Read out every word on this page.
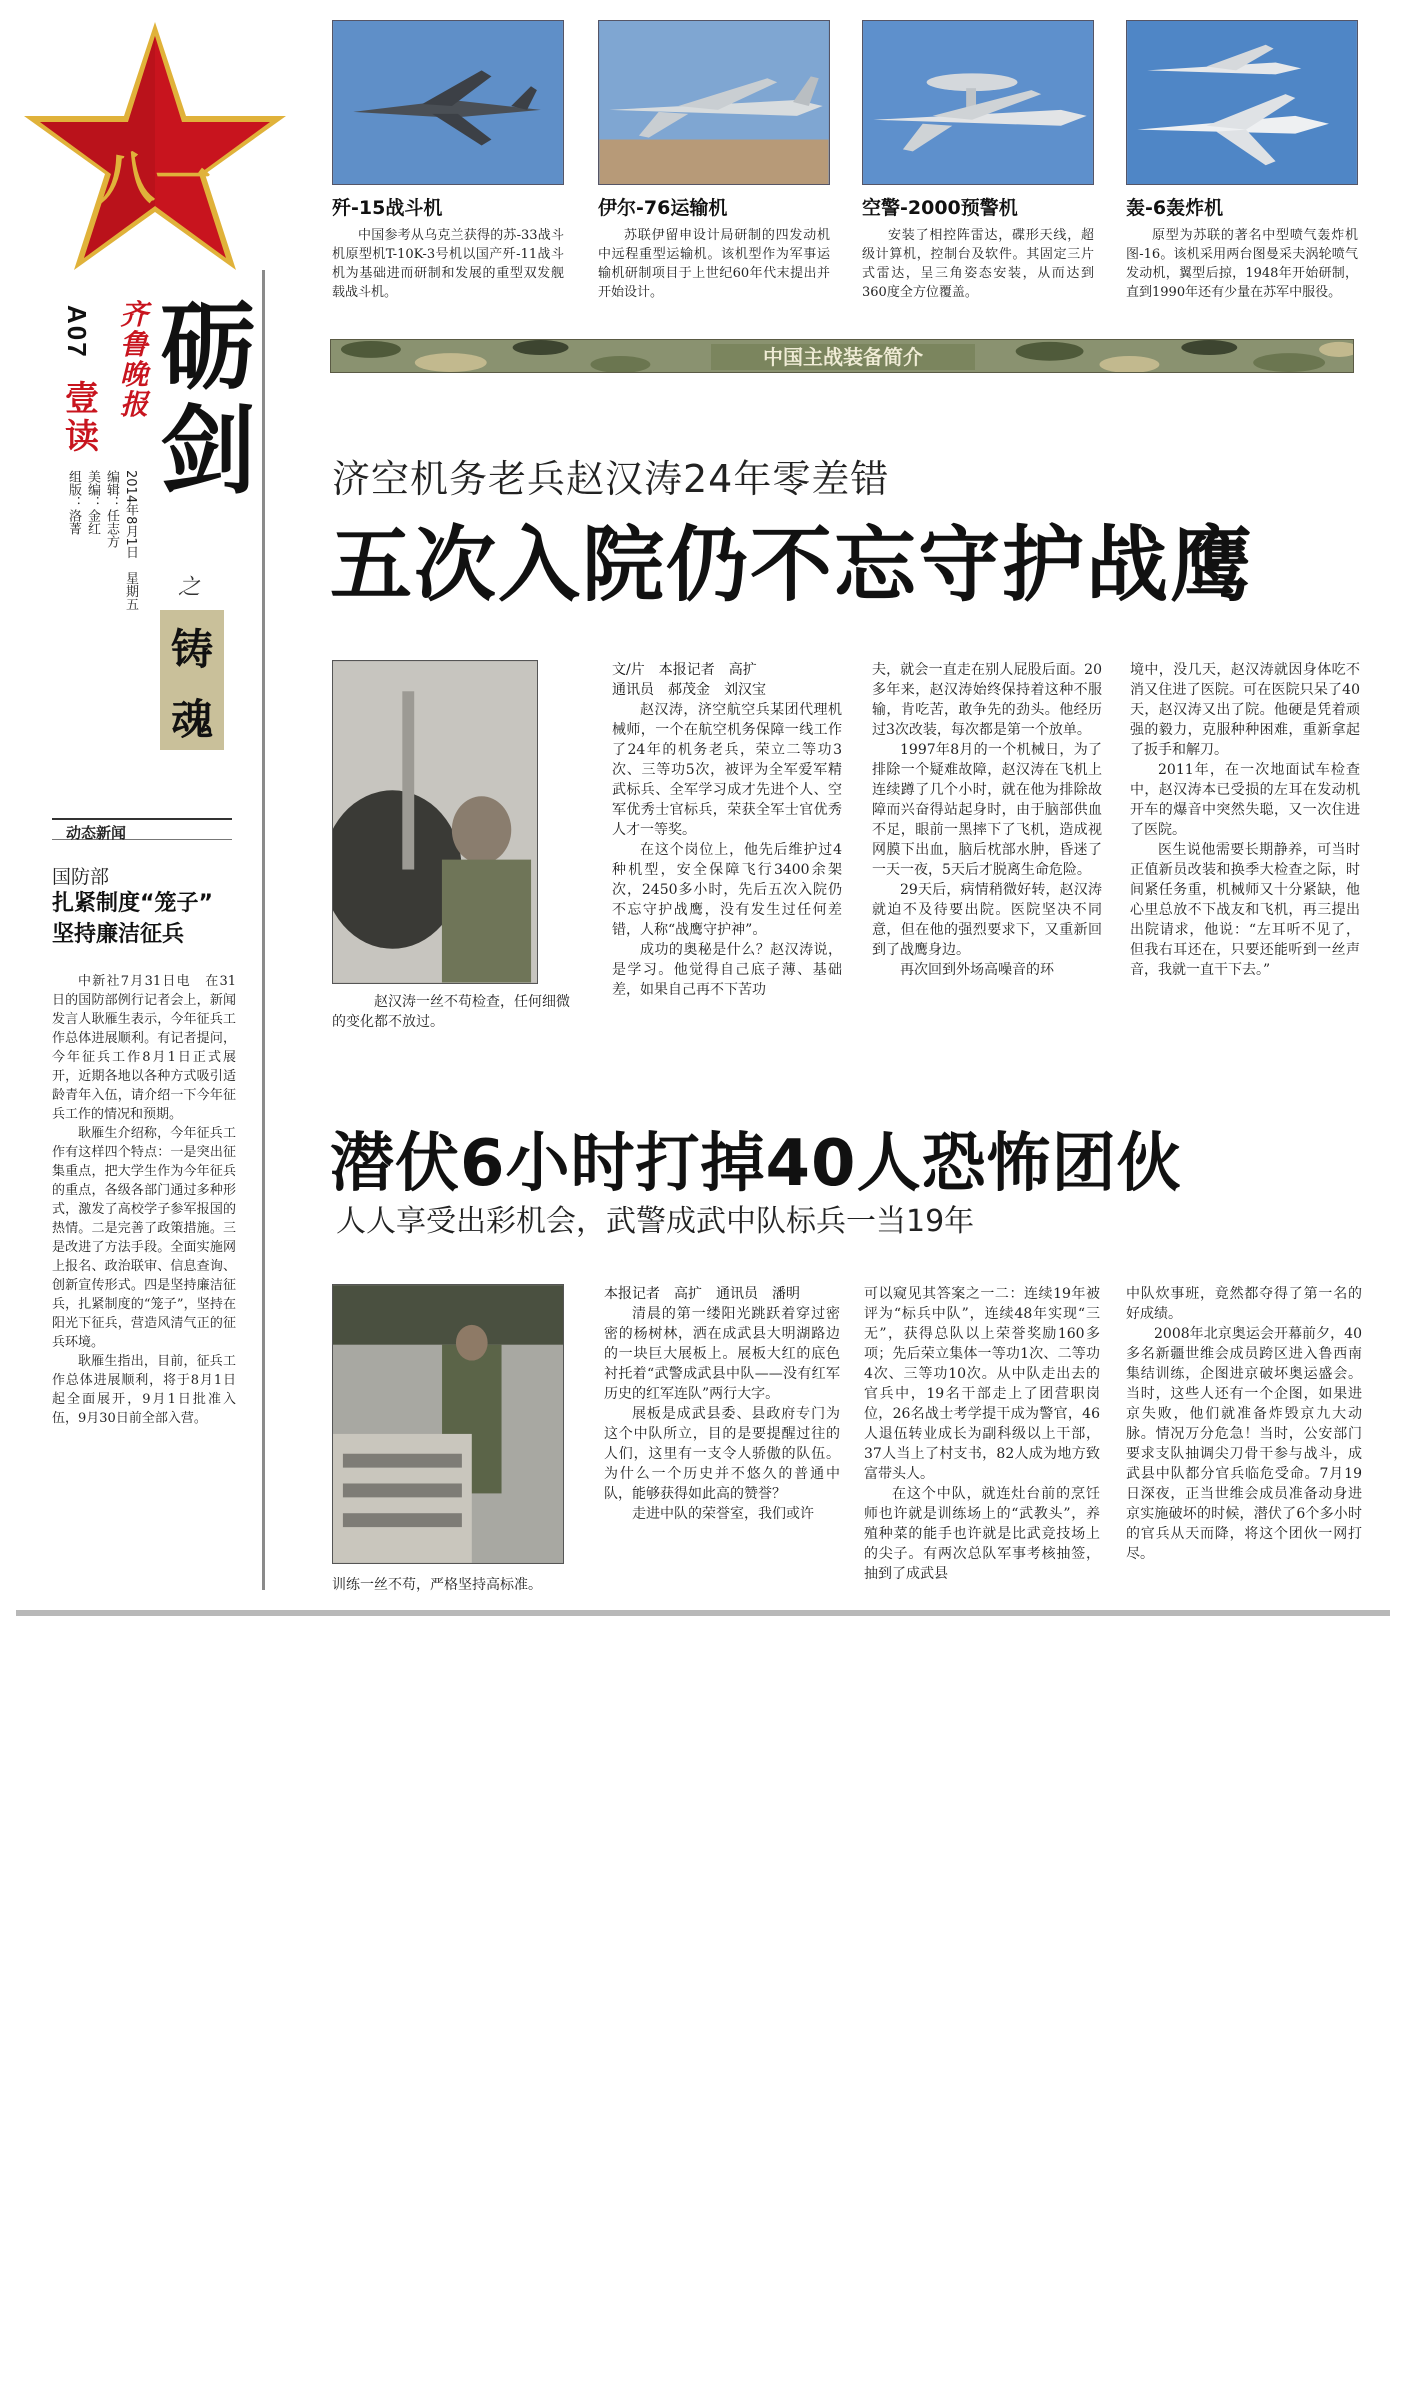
八一
A07
壹读
齐鲁晚报
砺
剑
之
铸
魂
2014年8月1日　星期五
编辑：任志方
美编：金红
组版：洛菁
动态新闻
国防部
扎紧制度“笼子”
坚持廉洁征兵

中新社7月31日电　在31日的国防部例行记者会上，新闻发言人耿雁生表示，今年征兵工作总体进展顺利。有记者提问，今年征兵工作8月1日正式展开，近期各地以各种方式吸引适龄青年入伍，请介绍一下今年征兵工作的情况和预期。

耿雁生介绍称，今年征兵工作有这样四个特点：一是突出征集重点，把大学生作为今年征兵的重点，各级各部门通过多种形式，激发了高校学子参军报国的热情。二是完善了政策措施。三是改进了方法手段。全面实施网上报名、政治联审、信息查询、创新宣传形式。四是坚持廉洁征兵，扎紧制度的“笼子”，坚持在阳光下征兵，营造风清气正的征兵环境。

耿雁生指出，目前，征兵工作总体进展顺利，将于8月1日起全面展开，9月1日批准入伍，9月30日前全部入营。

歼-15战斗机
中国参考从乌克兰获得的苏-33战斗机原型机T-10K-3号机以国产歼-11战斗机为基础进而研制和发展的重型双发舰载战斗机。
伊尔-76运输机
苏联伊留申设计局研制的四发动机中远程重型运输机。该机型作为军事运输机研制项目于上世纪60年代末提出并开始设计。
空警-2000预警机
安装了相控阵雷达，碟形天线，超级计算机，控制台及软件。其固定三片式雷达，呈三角姿态安装，从而达到360度全方位覆盖。
轰-6轰炸机
原型为苏联的著名中型喷气轰炸机图-16。该机采用两台图曼采夫涡轮喷气发动机，翼型后掠，1948年开始研制，直到1990年还有少量在苏军中服役。
中国主战装备简介
济空机务老兵赵汉涛24年零差错
五次入院仍不忘守护战鹰
赵汉涛一丝不苟检查，任何细微的变化都不放过。
文/片　本报记者　高扩
通讯员　郝茂金　刘汉宝

赵汉涛，济空航空兵某团代理机械师，一个在航空机务保障一线工作了24年的机务老兵，荣立二等功3次、三等功5次，被评为全军爱军精武标兵、全军学习成才先进个人、空军优秀士官标兵，荣获全军士官优秀人才一等奖。

在这个岗位上，他先后维护过4种机型，安全保障飞行3400余架次，2450多小时，先后五次入院仍不忘守护战鹰，没有发生过任何差错，人称“战鹰守护神”。

成功的奥秘是什么？赵汉涛说，是学习。他觉得自己底子薄、基础差，如果自己再不下苦功

夫，就会一直走在别人屁股后面。20多年来，赵汉涛始终保持着这种不服输，肯吃苦，敢争先的劲头。他经历过3次改装，每次都是第一个放单。

1997年8月的一个机械日，为了排除一个疑难故障，赵汉涛在飞机上连续蹲了几个小时，就在他为排除故障而兴奋得站起身时，由于脑部供血不足，眼前一黑摔下了飞机，造成视网膜下出血，脑后枕部水肿，昏迷了一天一夜，5天后才脱离生命危险。

29天后，病情稍微好转，赵汉涛就迫不及待要出院。医院坚决不同意，但在他的强烈要求下，又重新回到了战鹰身边。

再次回到外场高噪音的环

境中，没几天，赵汉涛就因身体吃不消又住进了医院。可在医院只呆了40天，赵汉涛又出了院。他硬是凭着顽强的毅力，克服种种困难，重新拿起了扳手和解刀。

2011年，在一次地面试车检查中，赵汉涛本已受损的左耳在发动机开车的爆音中突然失聪，又一次住进了医院。

医生说他需要长期静养，可当时正值新员改装和换季大检查之际，时间紧任务重，机械师又十分紧缺，他心里总放不下战友和飞机，再三提出出院请求，他说：“左耳听不见了，但我右耳还在，只要还能听到一丝声音，我就一直干下去。”

潜伏6小时打掉40人恐怖团伙
人人享受出彩机会，武警成武中队标兵一当19年
训练一丝不苟，严格坚持高标准。
本报记者　高扩　通讯员　潘明

清晨的第一缕阳光跳跃着穿过密密的杨树林，洒在成武县大明湖路边的一块巨大展板上。展板大红的底色衬托着“武警成武县中队——没有红军历史的红军连队”两行大字。

展板是成武县委、县政府专门为这个中队所立，目的是要提醒过往的人们，这里有一支令人骄傲的队伍。为什么一个历史并不悠久的普通中队，能够获得如此高的赞誉？

走进中队的荣誉室，我们或许

可以窥见其答案之一二：连续19年被评为“标兵中队”，连续48年实现“三无”，获得总队以上荣誉奖励160多项；先后荣立集体一等功1次、二等功4次、三等功10次。从中队走出去的官兵中，19名干部走上了团营职岗位，26名战士考学提干成为警官，46人退伍转业成长为副科级以上干部，37人当上了村支书，82人成为地方致富带头人。

在这个中队，就连灶台前的烹饪师也许就是训练场上的“武教头”，养殖种菜的能手也许就是比武竞技场上的尖子。有两次总队军事考核抽签，抽到了成武县

中队炊事班，竟然都夺得了第一名的好成绩。

2008年北京奥运会开幕前夕，40多名新疆世维会成员跨区进入鲁西南集结训练，企图进京破坏奥运盛会。当时，这些人还有一个企图，如果进京失败，他们就准备炸毁京九大动脉。情况万分危急！当时，公安部门要求支队抽调尖刀骨干参与战斗，成武县中队都分官兵临危受命。7月19日深夜，正当世维会成员准备动身进京实施破坏的时候，潜伏了6个多小时的官兵从天而降，将这个团伙一网打尽。
